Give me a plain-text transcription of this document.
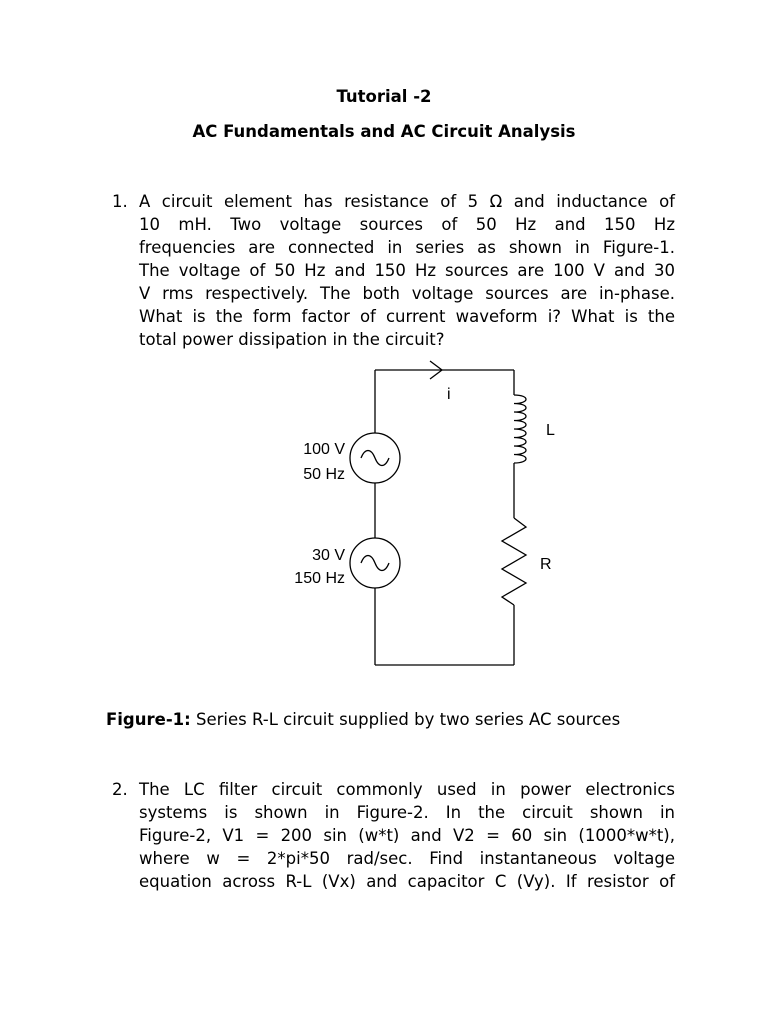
Tutorial -2
AC Fundamentals and AC Circuit Analysis
1. A circuit element has resistance of 5 Ω and inductance of
10 mH. Two voltage sources of 50 Hz and 150 Hz
frequencies are connected in series as shown in Figure-1.
The voltage of 50 Hz and 150 Hz sources are 100 V and 30
V rms respectively. The both voltage sources are in-phase.
What is the form factor of current waveform i? What is the
total power dissipation in the circuit?
i
L
R
100 V
50 Hz
30 V
150 Hz
Figure-1: Series R-L circuit supplied by two series AC sources
2. The LC filter circuit commonly used in power electronics
systems is shown in Figure-2. In the circuit shown in
Figure-2, V1 = 200 sin (w*t) and V2 = 60 sin (1000*w*t),
where w = 2*pi*50 rad/sec. Find instantaneous voltage
equation across R-L (Vx) and capacitor C (Vy). If resistor of
